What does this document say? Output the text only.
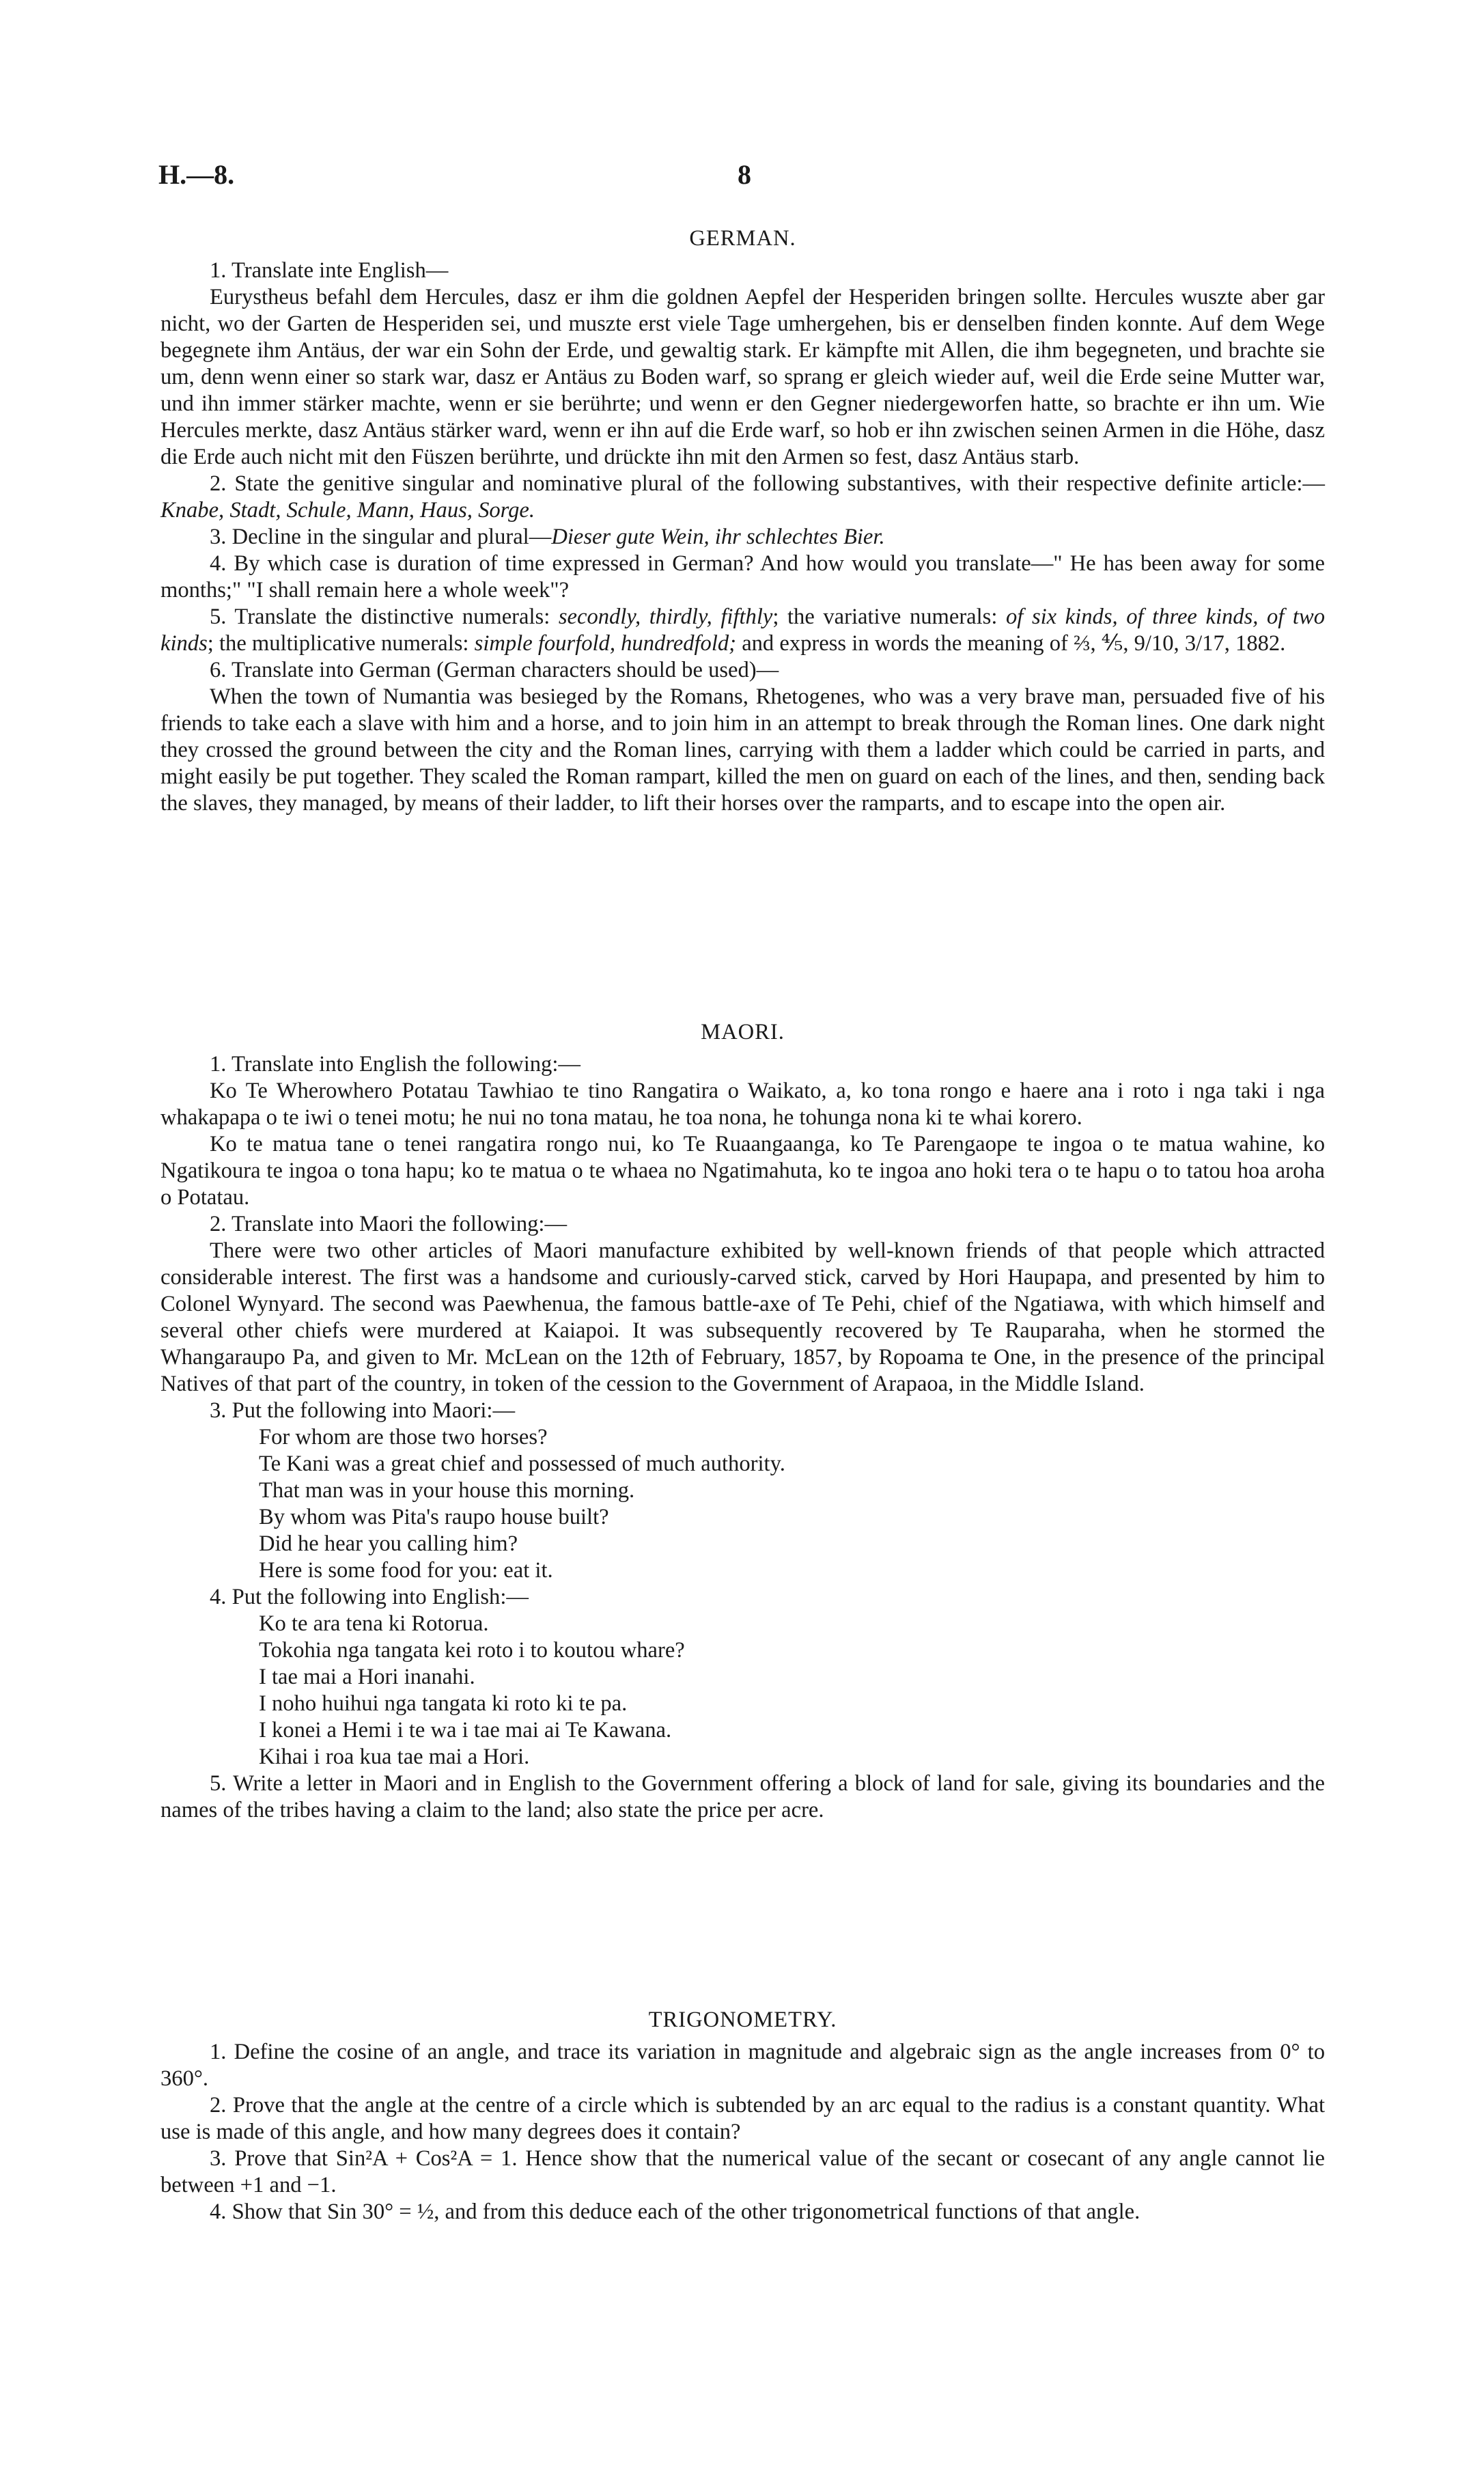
H.—8.	8
GERMAN.

1. Translate inte English—

Eurystheus befahl dem Hercules, dasz er ihm die goldnen Aepfel der Hesperiden bringen sollte. Hercules wuszte aber gar nicht, wo der Garten de Hesperiden sei, und muszte erst viele Tage umhergehen, bis er denselben finden konnte. Auf dem Wege begegnete ihm Antäus, der war ein Sohn der Erde, und gewaltig stark. Er kämpfte mit Allen, die ihm begegneten, und brachte sie um, denn wenn einer so stark war, dasz er Antäus zu Boden warf, so sprang er gleich wieder auf, weil die Erde seine Mutter war, und ihn immer stärker machte, wenn er sie berührte; und wenn er den Gegner niedergeworfen hatte, so brachte er ihn um. Wie Hercules merkte, dasz Antäus stärker ward, wenn er ihn auf die Erde warf, so hob er ihn zwischen seinen Armen in die Höhe, dasz die Erde auch nicht mit den Füszen berührte, und drückte ihn mit den Armen so fest, dasz Antäus starb.

2. State the genitive singular and nominative plural of the following substantives, with their respective definite article:—Knabe, Stadt, Schule, Mann, Haus, Sorge.

3. Decline in the singular and plural—Dieser gute Wein, ihr schlechtes Bier.

4. By which case is duration of time expressed in German? And how would you translate—" He has been away for some months;" "I shall remain here a whole week"?

5. Translate the distinctive numerals: secondly, thirdly, fifthly; the variative numerals: of six kinds, of three kinds, of two kinds; the multiplicative numerals: simple fourfold, hundredfold; and express in words the meaning of ⅔, ⅘, 9/10, 3/17, 1882.

6. Translate into German (German characters should be used)—

When the town of Numantia was besieged by the Romans, Rhetogenes, who was a very brave man, persuaded five of his friends to take each a slave with him and a horse, and to join him in an attempt to break through the Roman lines. One dark night they crossed the ground between the city and the Roman lines, carrying with them a ladder which could be carried in parts, and might easily be put together. They scaled the Roman rampart, killed the men on guard on each of the lines, and then, sending back the slaves, they managed, by means of their ladder, to lift their horses over the ramparts, and to escape into the open air.

MAORI.

1. Translate into English the following:—

Ko Te Wherowhero Potatau Tawhiao te tino Rangatira o Waikato, a, ko tona rongo e haere ana i roto i nga taki i nga whakapapa o te iwi o tenei motu; he nui no tona matau, he toa nona, he tohunga nona ki te whai korero.

Ko te matua tane o tenei rangatira rongo nui, ko Te Ruaangaanga, ko Te Parengaope te ingoa o te matua wahine, ko Ngatikoura te ingoa o tona hapu; ko te matua o te whaea no Ngatimahuta, ko te ingoa ano hoki tera o te hapu o to tatou hoa aroha o Potatau.

2. Translate into Maori the following:—

There were two other articles of Maori manufacture exhibited by well-known friends of that people which attracted considerable interest. The first was a handsome and curiously-carved stick, carved by Hori Haupapa, and presented by him to Colonel Wynyard. The second was Paewhenua, the famous battle-axe of Te Pehi, chief of the Ngatiawa, with which himself and several other chiefs were murdered at Kaiapoi. It was subsequently recovered by Te Rauparaha, when he stormed the Whangaraupo Pa, and given to Mr. McLean on the 12th of February, 1857, by Ropoama te One, in the presence of the principal Natives of that part of the country, in token of the cession to the Government of Arapaoa, in the Middle Island.

3. Put the following into Maori:—

For whom are those two horses?
Te Kani was a great chief and possessed of much authority.
That man was in your house this morning.
By whom was Pita's raupo house built?
Did he hear you calling him?
Here is some food for you: eat it.

4. Put the following into English:—

Ko te ara tena ki Rotorua.
Tokohia nga tangata kei roto i to koutou whare?
I tae mai a Hori inanahi.
I noho huihui nga tangata ki roto ki te pa.
I konei a Hemi i te wa i tae mai ai Te Kawana.
Kihai i roa kua tae mai a Hori.

5. Write a letter in Maori and in English to the Government offering a block of land for sale, giving its boundaries and the names of the tribes having a claim to the land; also state the price per acre.

TRIGONOMETRY.

1. Define the cosine of an angle, and trace its variation in magnitude and algebraic sign as the angle increases from 0° to 360°.

2. Prove that the angle at the centre of a circle which is subtended by an arc equal to the radius is a constant quantity. What use is made of this angle, and how many degrees does it contain?

3. Prove that Sin²A + Cos²A = 1. Hence show that the numerical value of the secant or cosecant of any angle cannot lie between +1 and −1.

4. Show that Sin 30° = ½, and from this deduce each of the other trigonometrical functions of that angle.
